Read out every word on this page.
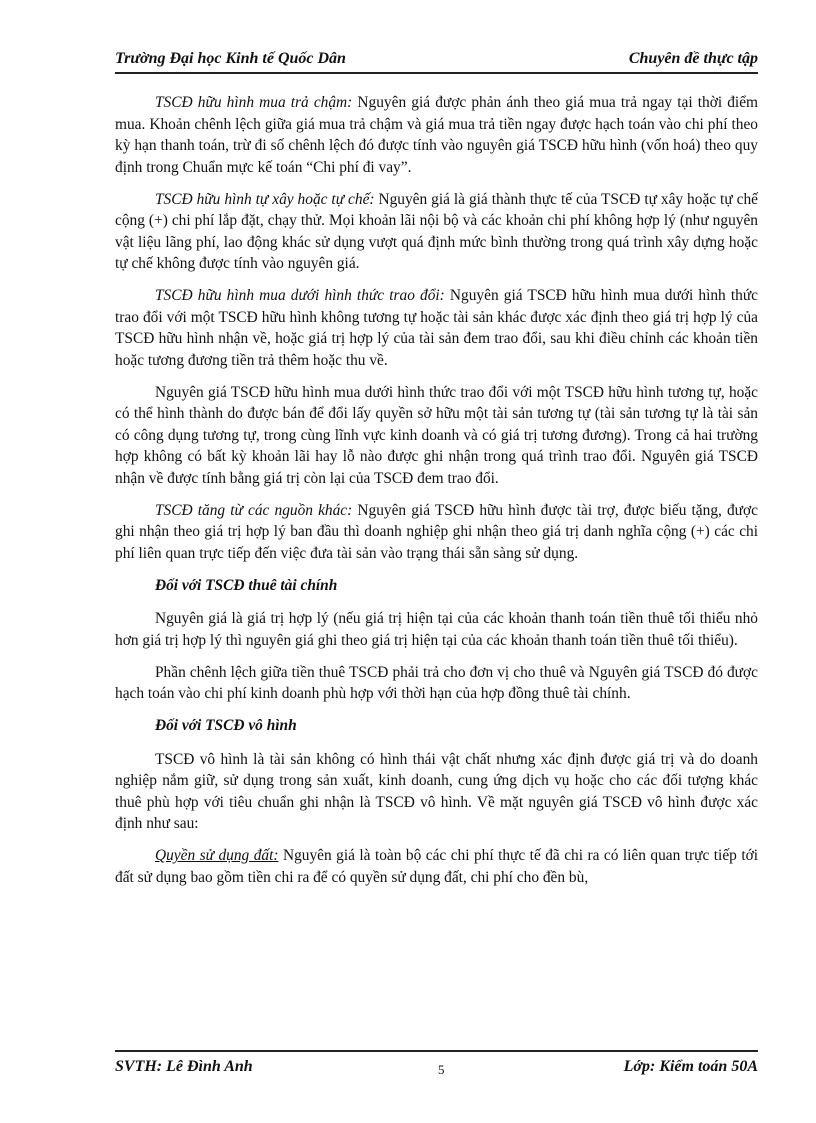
Trường Đại học Kinh tế Quốc Dân	Chuyên đề thực tập

TSCĐ hữu hình mua trả chậm: Nguyên giá được phản ánh theo giá mua trả ngay tại thời điểm mua. Khoản chênh lệch giữa giá mua trả chậm và giá mua trả tiền ngay được hạch toán vào chi phí theo kỳ hạn thanh toán, trừ đi số chênh lệch đó được tính vào nguyên giá TSCĐ hữu hình (vốn hoá) theo quy định trong Chuẩn mực kế toán “Chi phí đi vay”.

TSCĐ hữu hình tự xây hoặc tự chế: Nguyên giá là giá thành thực tế của TSCĐ tự xây hoặc tự chế cộng (+) chi phí lắp đặt, chạy thử. Mọi khoản lãi nội bộ và các khoản chi phí không hợp lý (như nguyên vật liệu lãng phí, lao động khác sử dụng vượt quá định mức bình thường trong quá trình xây dựng hoặc tự chế không được tính vào nguyên giá.

TSCĐ hữu hình mua dưới hình thức trao đổi: Nguyên giá TSCĐ hữu hình mua dưới hình thức trao đổi với một TSCĐ hữu hình không tương tự hoặc tài sản khác được xác định theo giá trị hợp lý của TSCĐ hữu hình nhận về, hoặc giá trị hợp lý của tài sản đem trao đổi, sau khi điều chỉnh các khoản tiền hoặc tương đương tiền trả thêm hoặc thu về.

Nguyên giá TSCĐ hữu hình mua dưới hình thức trao đổi với một TSCĐ hữu hình tương tự, hoặc có thể hình thành do được bán để đổi lấy quyền sở hữu một tài sản tương tự (tài sản tương tự là tài sản có công dụng tương tự, trong cùng lĩnh vực kinh doanh và có giá trị tương đương). Trong cả hai trường hợp không có bất kỳ khoản lãi hay lỗ nào được ghi nhận trong quá trình trao đổi. Nguyên giá TSCĐ nhận về được tính bằng giá trị còn lại của TSCĐ đem trao đổi.

TSCĐ tăng từ các nguồn khác: Nguyên giá TSCĐ hữu hình được tài trợ, được biếu tặng, được ghi nhận theo giá trị hợp lý ban đầu thì doanh nghiệp ghi nhận theo giá trị danh nghĩa cộng (+) các chi phí liên quan trực tiếp đến việc đưa tài sản vào trạng thái sẵn sàng sử dụng.

Đối với TSCĐ thuê tài chính

Nguyên giá là giá trị hợp lý (nếu giá trị hiện tại của các khoản thanh toán tiền thuê tối thiểu nhỏ hơn giá trị hợp lý thì nguyên giá ghi theo giá trị hiện tại của các khoản thanh toán tiền thuê tối thiểu).

Phần chênh lệch giữa tiền thuê TSCĐ phải trả cho đơn vị cho thuê và Nguyên giá TSCĐ đó được hạch toán vào chi phí kinh doanh phù hợp với thời hạn của hợp đồng thuê tài chính.

Đối với TSCĐ vô hình

TSCĐ vô hình là tài sản không có hình thái vật chất nhưng xác định được giá trị và do doanh nghiệp nắm giữ, sử dụng trong sản xuất, kinh doanh, cung ứng dịch vụ hoặc cho các đối tượng khác thuê phù hợp với tiêu chuẩn ghi nhận là TSCĐ vô hình. Về mặt nguyên giá TSCĐ vô hình được xác định như sau:

Quyền sử dụng đất: Nguyên giá là toàn bộ các chi phí thực tế đã chi ra có liên quan trực tiếp tới đất sử dụng bao gồm tiền chi ra để có quyền sử dụng đất, chi phí cho đền bù,

SVTH: Lê Đình Anh	5	Lớp: Kiểm toán 50A
